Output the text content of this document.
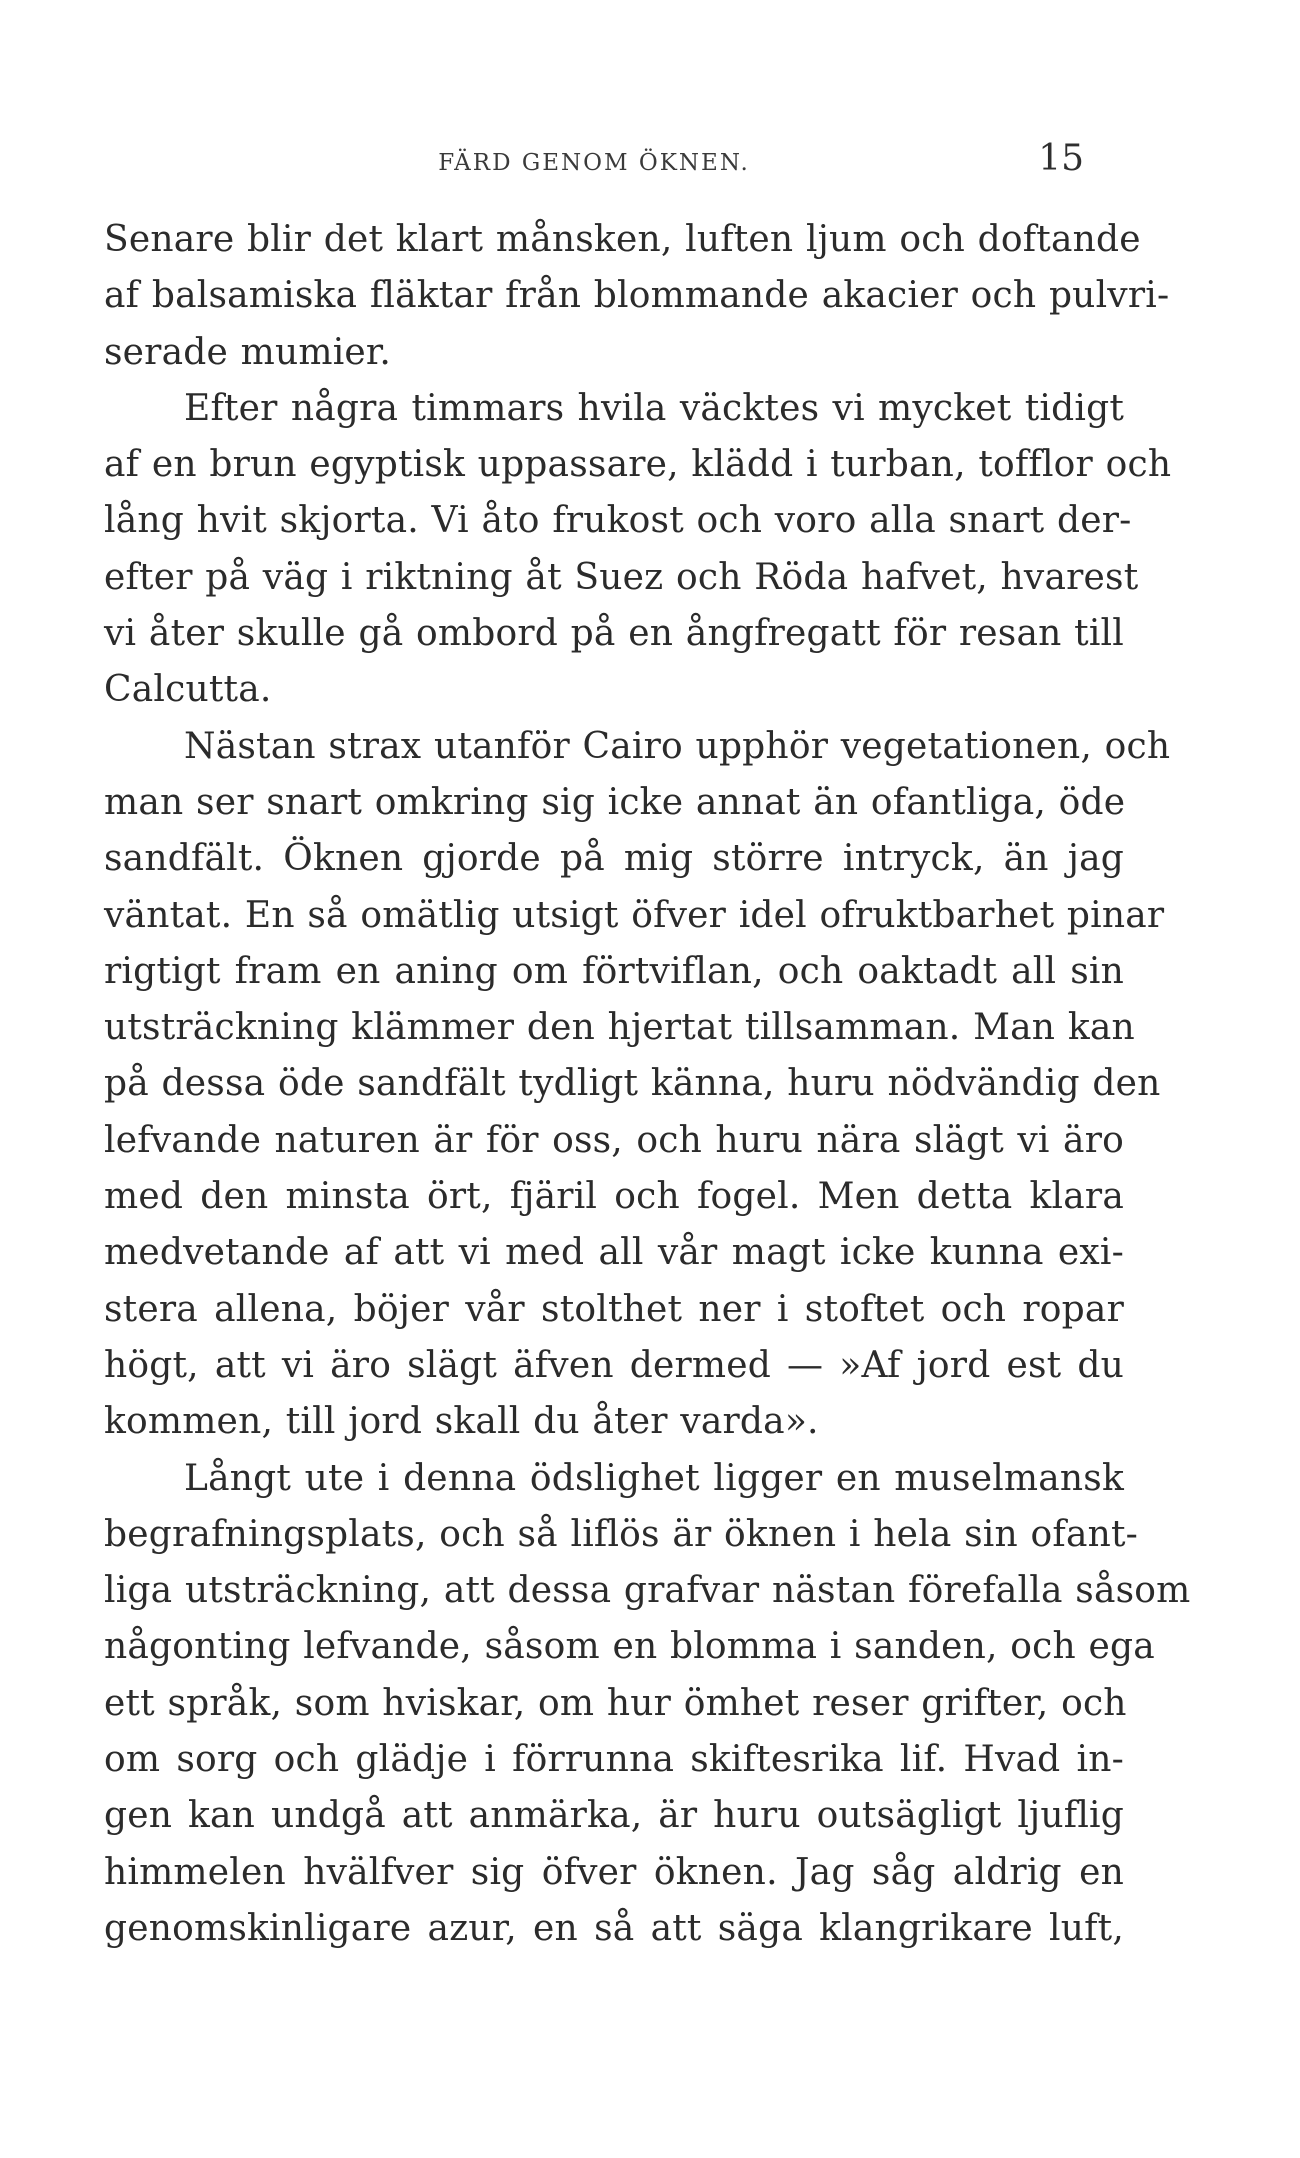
FÄRD GENOM ÖKNEN.	15
Senare blir det klart månsken, luften ljum och doftande
af balsamiska fläktar från blommande akacier och pulvri-
serade mumier.
Efter några timmars hvila väcktes vi mycket tidigt
af en brun egyptisk uppassare, klädd i turban, tofflor och
lång hvit skjorta. Vi åto frukost och voro alla snart der-
efter på väg i riktning åt Suez och Röda hafvet, hvarest
vi åter skulle gå ombord på en ångfregatt för resan till
Calcutta.
Nästan strax utanför Cairo upphör vegetationen, och
man ser snart omkring sig icke annat än ofantliga, öde
sandfält. Öknen gjorde på mig större intryck, än jag
väntat. En så omätlig utsigt öfver idel ofruktbarhet pinar
rigtigt fram en aning om förtviflan, och oaktadt all sin
utsträckning klämmer den hjertat tillsamman. Man kan
på dessa öde sandfält tydligt känna, huru nödvändig den
lefvande naturen är för oss, och huru nära slägt vi äro
med den minsta ört, fjäril och fogel. Men detta klara
medvetande af att vi med all vår magt icke kunna exi-
stera allena, böjer vår stolthet ner i stoftet och ropar
högt, att vi äro slägt äfven dermed — »Af jord est du
kommen, till jord skall du åter varda».
Långt ute i denna ödslighet ligger en muselmansk
begrafningsplats, och så liflös är öknen i hela sin ofant-
liga utsträckning, att dessa grafvar nästan förefalla såsom
någonting lefvande, såsom en blomma i sanden, och ega
ett språk, som hviskar, om hur ömhet reser grifter, och
om sorg och glädje i förrunna skiftesrika lif. Hvad in-
gen kan undgå att anmärka, är huru outsägligt ljuflig
himmelen hvälfver sig öfver öknen. Jag såg aldrig en
genomskinligare azur, en så att säga klangrikare luft,
